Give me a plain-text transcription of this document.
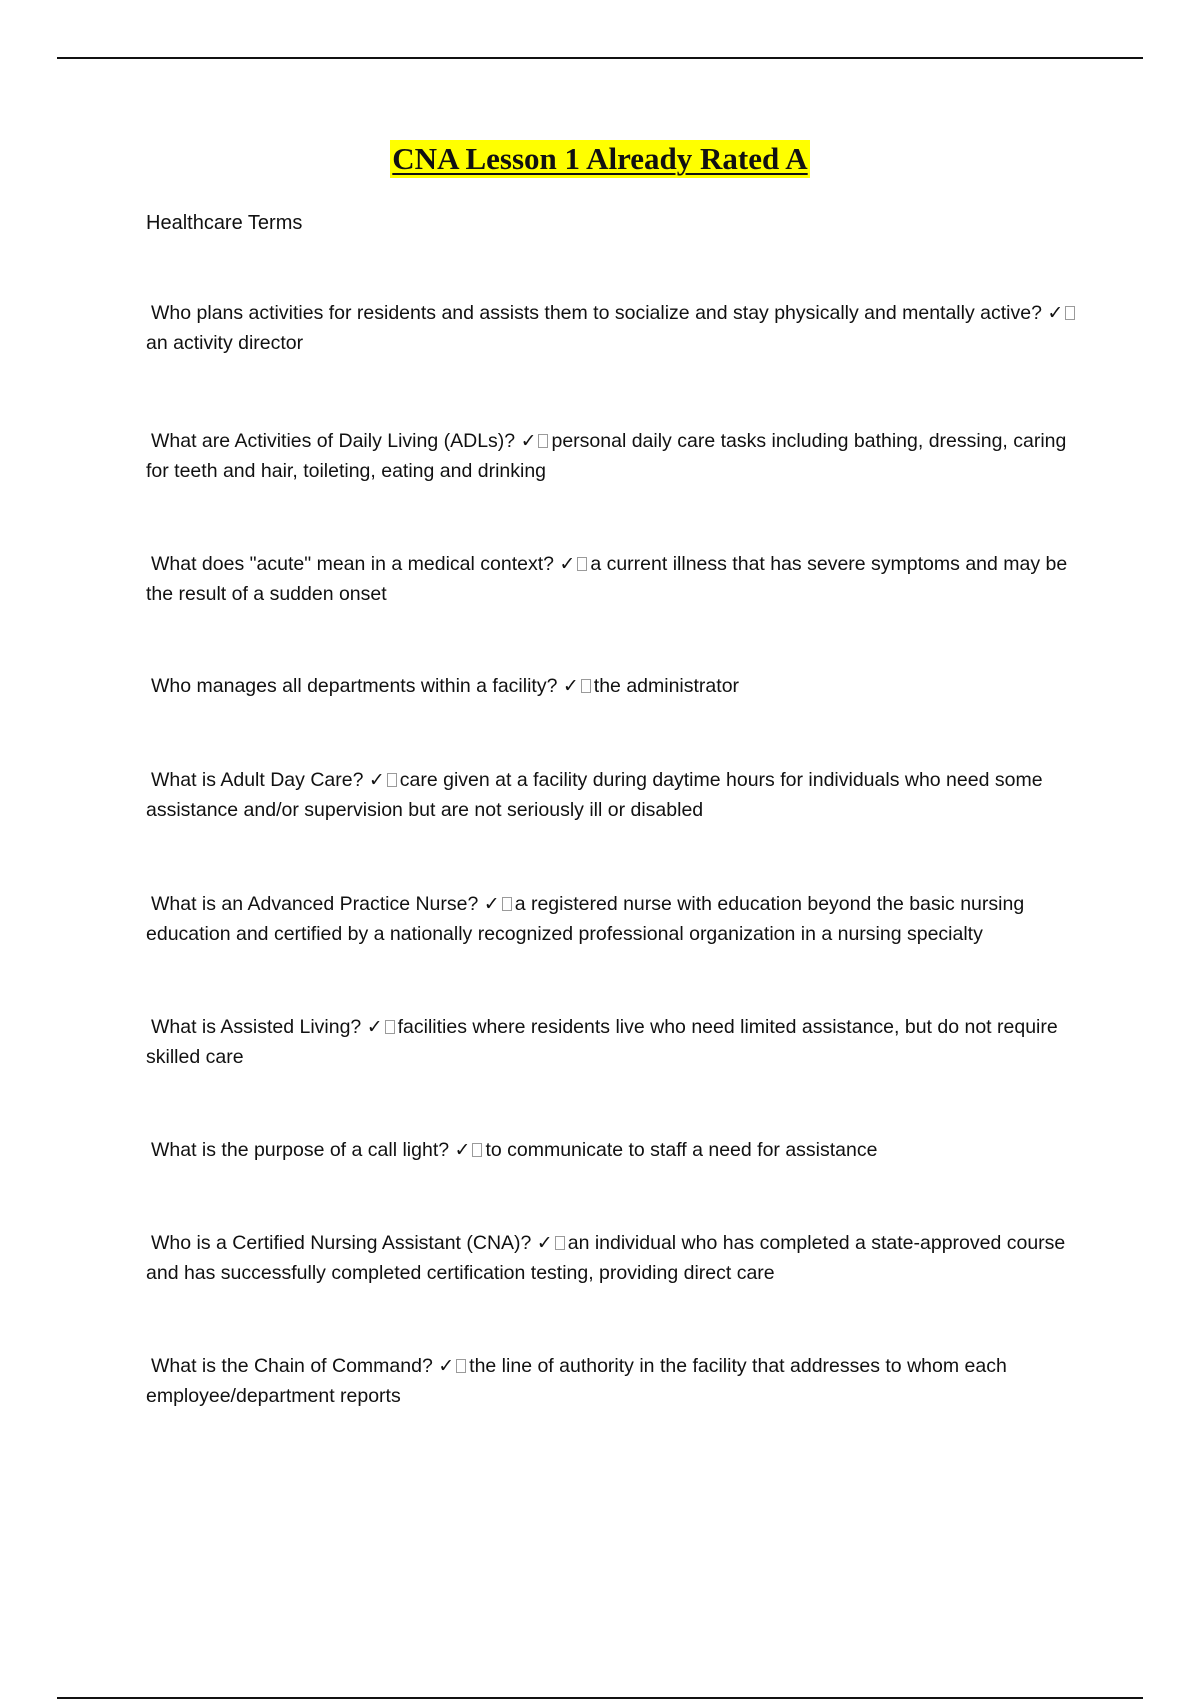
CNA Lesson 1 Already Rated A
Healthcare Terms
Who plans activities for residents and assists them to socialize and stay physically and mentally active? ✓an activity director
What are Activities of Daily Living (ADLs)? ✓ personal daily care tasks including bathing, dressing, caring for teeth and hair, toileting, eating and drinking
What does "acute" mean in a medical context? ✓ a current illness that has severe symptoms and may be the result of a sudden onset
Who manages all departments within a facility? ✓ the administrator
What is Adult Day Care? ✓ care given at a facility during daytime hours for individuals who need some assistance and/or supervision but are not seriously ill or disabled
What is an Advanced Practice Nurse? ✓ a registered nurse with education beyond the basic nursing education and certified by a nationally recognized professional organization in a nursing specialty
What is Assisted Living? ✓ facilities where residents live who need limited assistance, but do not require skilled care
What is the purpose of a call light? ✓ to communicate to staff a need for assistance
Who is a Certified Nursing Assistant (CNA)? ✓ an individual who has completed a state-approved course and has successfully completed certification testing, providing direct care
What is the Chain of Command? ✓ the line of authority in the facility that addresses to whom each employee/department reports
